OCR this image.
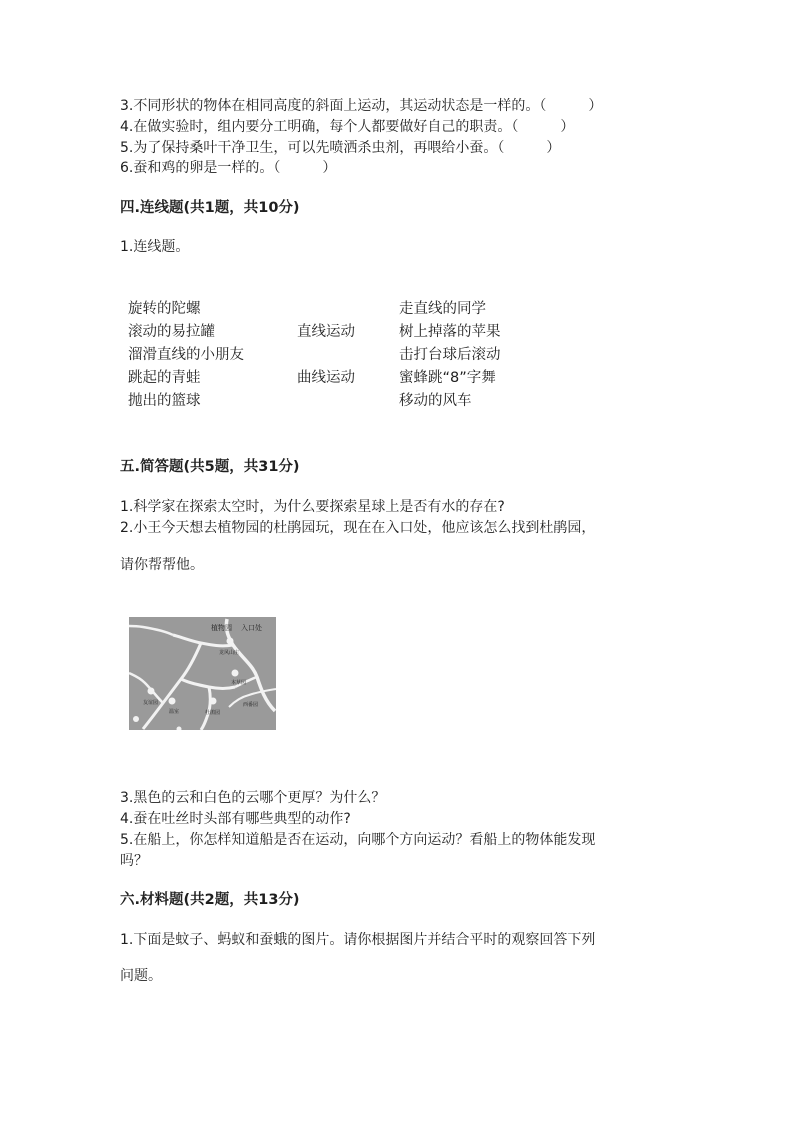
3.不同形状的物体在相同高度的斜面上运动，其运动状态是一样的。（　　　）
4.在做实验时，组内要分工明确，每个人都要做好自己的职责。（　　　）
5.为了保持桑叶干净卫生，可以先喷洒杀虫剂，再喂给小蚕。（　　　）
6.蚕和鸡的卵是一样的。（　　　）
四.连线题(共1题，共10分)
1.连线题。
旋转的陀螺
滚动的易拉罐
溜滑直线的小朋友
跳起的青蛙
抛出的篮球
直线运动
曲线运动
走直线的同学
树上掉落的苹果
击打台球后滚动
蜜蜂跳“8”字舞
移动的风车
五.简答题(共5题，共31分)
1.科学家在探索太空时，为什么要探索星球上是否有水的存在?
2.小王今天想去植物园的杜鹃园玩，现在在入口处，他应该怎么找到杜鹃园，
请你帮帮他。
植物园 入口处
龙风山庄
本草园
西番园
友谊园
温室	杜鹃园
3.黑色的云和白色的云哪个更厚？为什么？
4.蚕在吐丝时头部有哪些典型的动作?
5.在船上，你怎样知道船是否在运动，向哪个方向运动？看船上的物体能发现
吗？
六.材料题(共2题，共13分)
1.下面是蚊子、蚂蚁和蚕蛾的图片。请你根据图片并结合平时的观察回答下列
问题。
